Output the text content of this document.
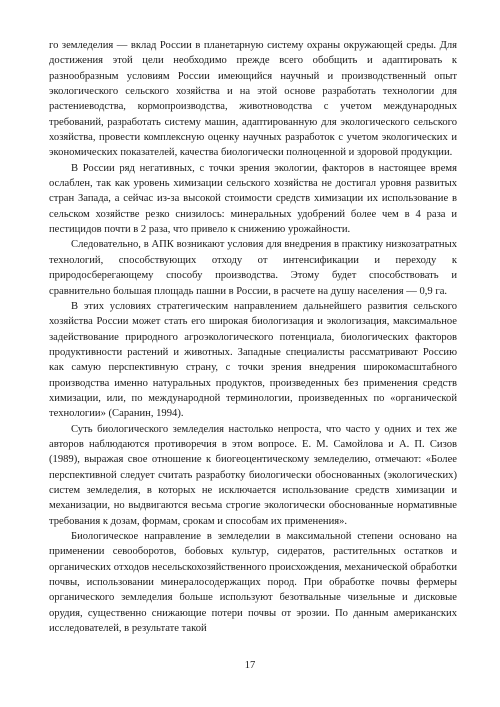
го земледелия — вклад России в планетарную систему охраны окружающей среды. Для достижения этой цели необходимо прежде всего обобщить и адаптировать к разнообразным условиям России имеющийся научный и производственный опыт экологического сельского хозяйства и на этой основе разработать технологии для растениеводства, кормопроизводства, животноводства с учетом международных требований, разработать систему машин, адаптированную для экологического сельского хозяйства, провести комплексную оценку научных разработок с учетом экологических и экономических показателей, качества биологически полноценной и здоровой продукции.

В России ряд негативных, с точки зрения экологии, факторов в настоящее время ослаблен, так как уровень химизации сельского хозяйства не достигал уровня развитых стран Запада, а сейчас из-за высокой стоимости средств химизации их использование в сельском хозяйстве резко снизилось: минеральных удобрений более чем в 4 раза и пестицидов почти в 2 раза, что привело к снижению урожайности.

Следовательно, в АПК возникают условия для внедрения в практику низкозатратных технологий, способствующих отходу от интенсификации и переходу к природосберегающему способу производства. Этому будет способствовать и сравнительно большая площадь пашни в России, в расчете на душу населения — 0,9 га.

В этих условиях стратегическим направлением дальнейшего развития сельского хозяйства России может стать его широкая биологизация и экологизация, максимальное задействование природного агроэкологического потенциала, биологических факторов продуктивности растений и животных. Западные специалисты рассматривают Россию как самую перспективную страну, с точки зрения внедрения широкомасштабного производства именно натуральных продуктов, произведенных без применения средств химизации, или, по международной терминологии, произведенных по «органической технологии» (Саранин, 1994).

Суть биологического земледелия настолько непроста, что часто у одних и тех же авторов наблюдаются противоречия в этом вопросе. Е. М. Самойлова и А. П. Сизов (1989), выражая свое отношение к биогеоцентическому земледелию, отмечают: «Более перспективной следует считать разработку биологически обоснованных (экологических) систем земледелия, в которых не исключается использование средств химизации и механизации, но выдвигаются весьма строгие экологически обоснованные нормативные требования к дозам, формам, срокам и способам их применения».

Биологическое направление в земледелии в максимальной степени основано на применении севооборотов, бобовых культур, сидератов, растительных остатков и органических отходов несельскохозяйственного происхождения, механической обработки почвы, использовании минералосодержащих пород. При обработке почвы фермеры органического земледелия больше используют безотвальные чизельные и дисковые орудия, существенно снижающие потери почвы от эрозии. По данным американских исследователей, в результате такой

17
